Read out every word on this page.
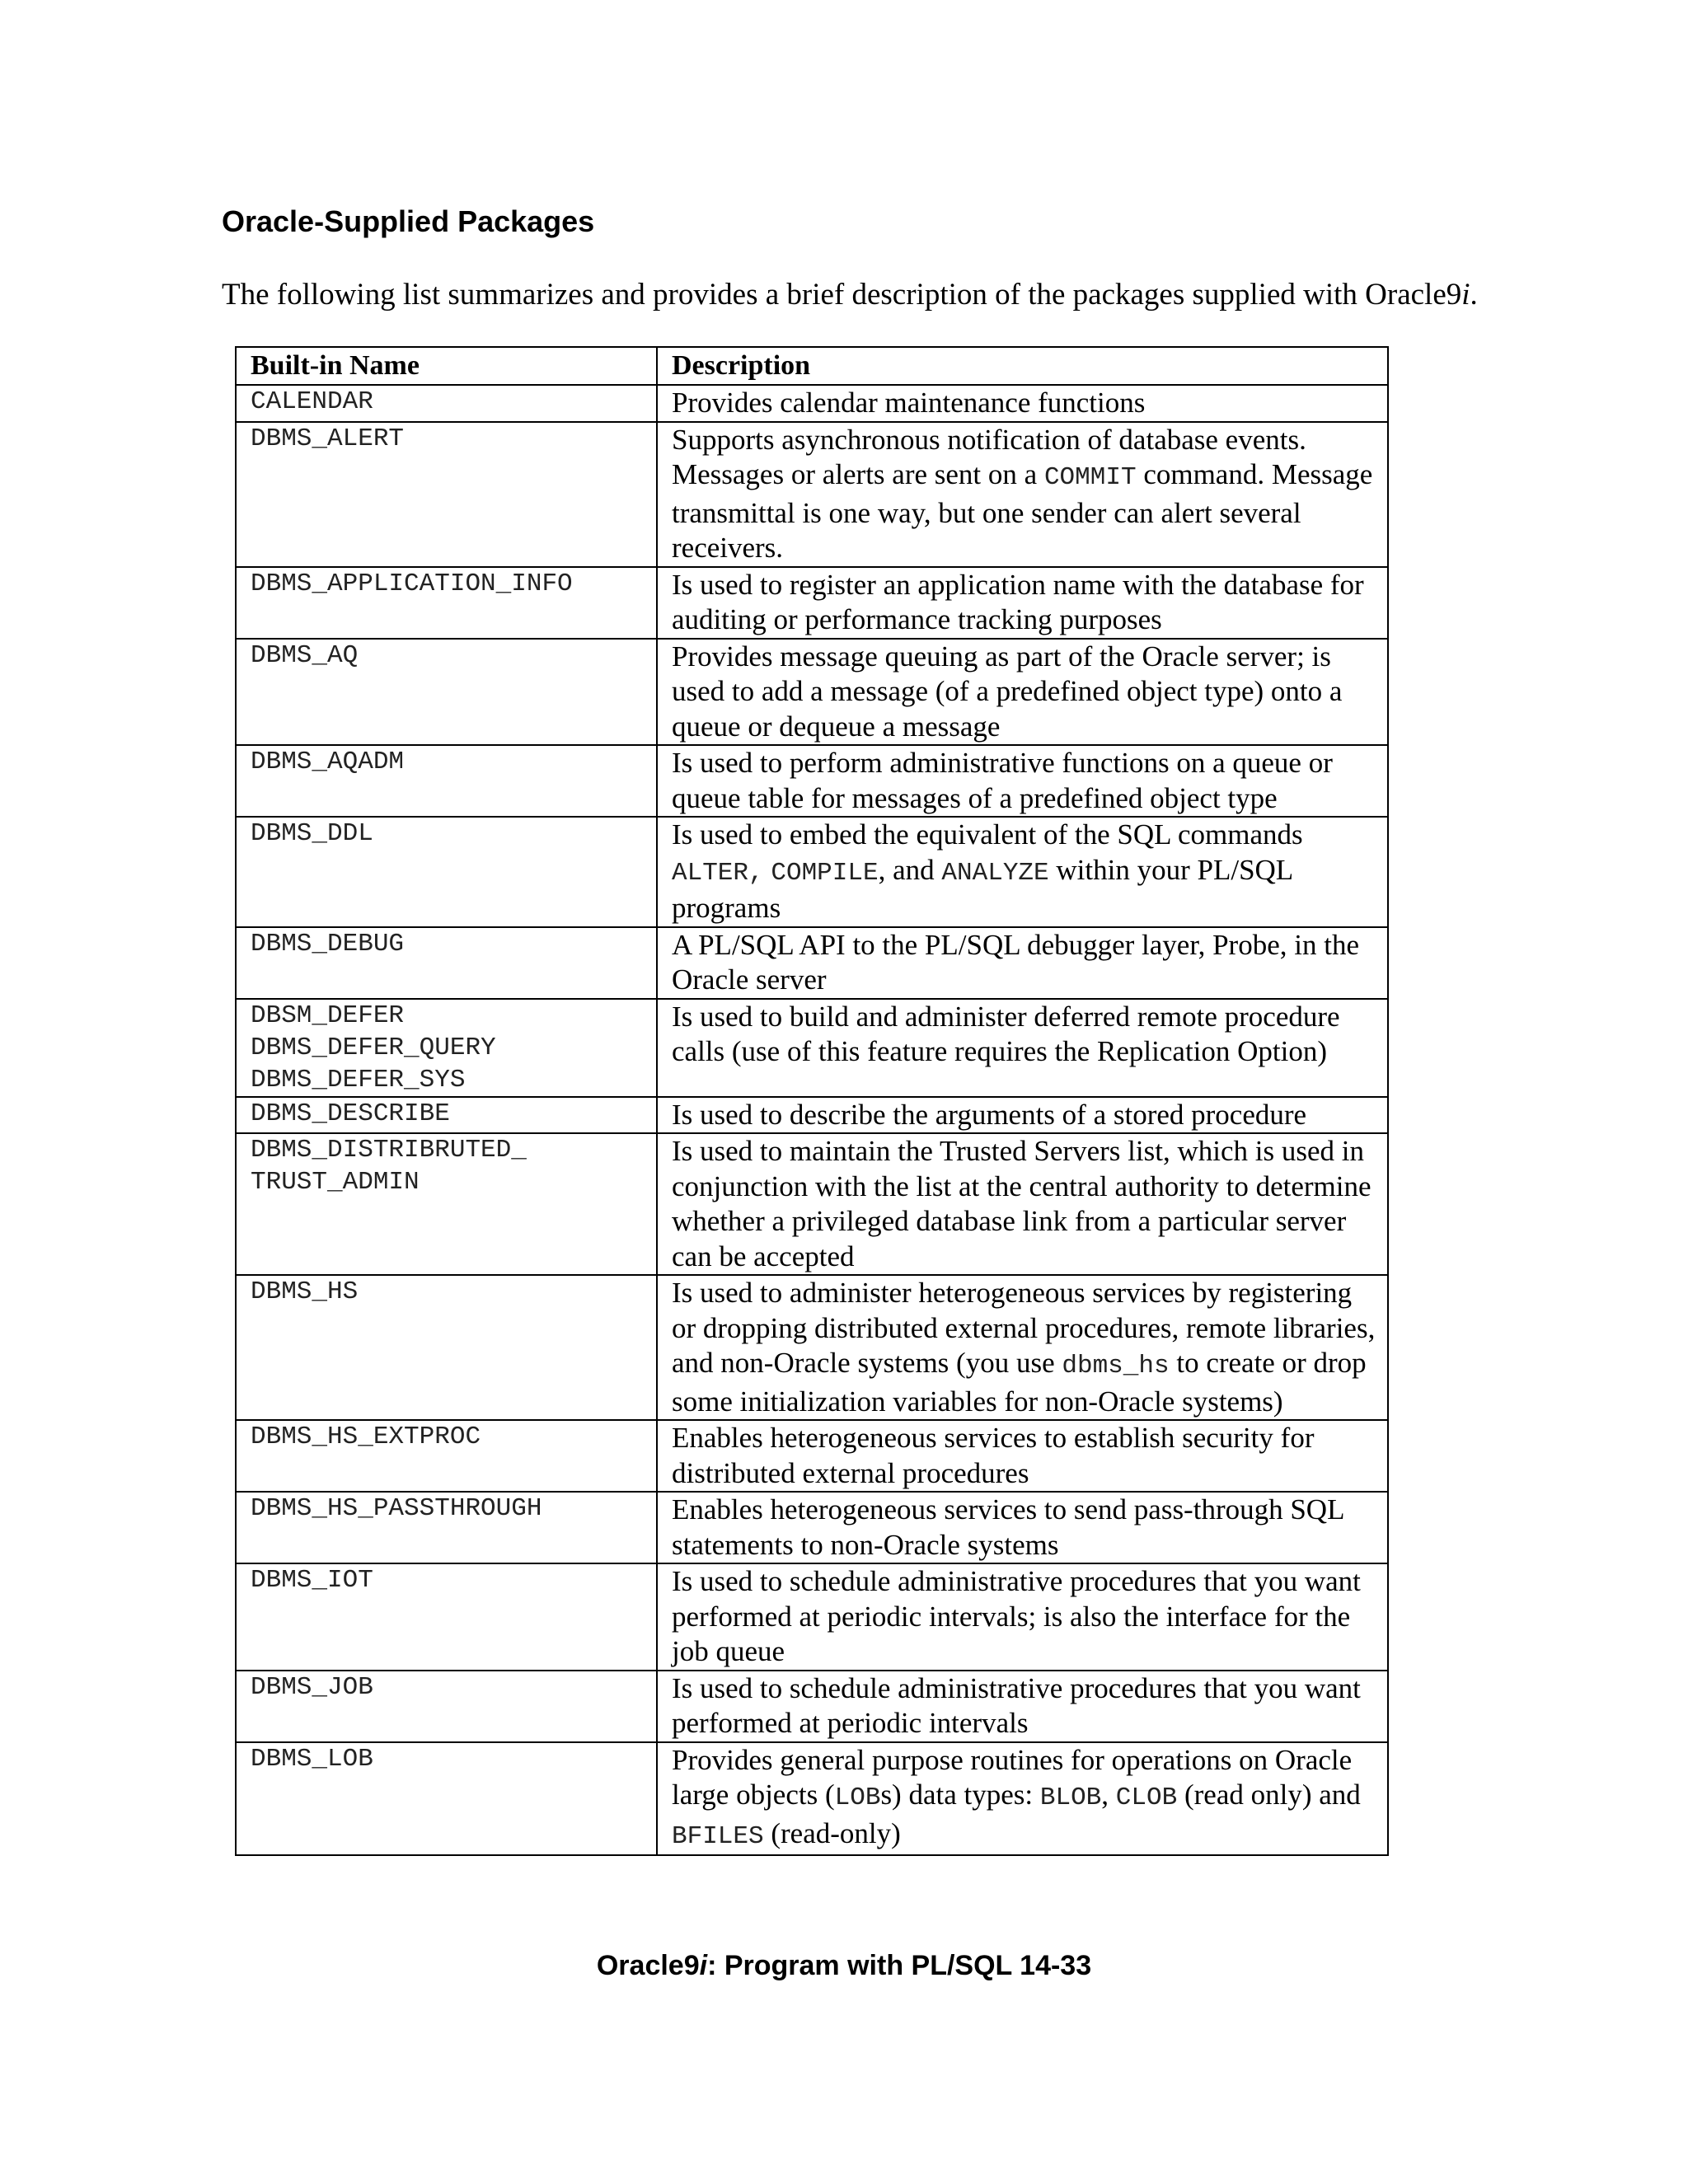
Oracle-Supplied Packages

The following list summarizes and provides a brief description of the packages supplied with Oracle9i.

Built-in Name	Description

CALENDAR	Provides calendar maintenance functions

DBMS_ALERT	Supports asynchronous notification of database events. Messages or alerts are sent on a COMMIT command. Message transmittal is one way, but one sender can alert several receivers.

DBMS_APPLICATION_INFO	Is used to register an application name with the database for auditing or performance tracking purposes

DBMS_AQ	Provides message queuing as part of the Oracle server; is used to add a message (of a predefined object type) onto a queue or dequeue a message

DBMS_AQADM	Is used to perform administrative functions on a queue or queue table for messages of a predefined object type

DBMS_DDL	Is used to embed the equivalent of the SQL commands ALTER, COMPILE, and ANALYZE within your PL/SQL programs

DBMS_DEBUG	A PL/SQL API to the PL/SQL debugger layer, Probe, in the Oracle server

DBSM_DEFER
DBMS_DEFER_QUERY
DBMS_DEFER_SYS	Is used to build and administer deferred remote procedure calls (use of this feature requires the Replication Option)

DBMS_DESCRIBE	Is used to describe the arguments of a stored procedure

DBMS_DISTRIBRUTED_
TRUST_ADMIN	Is used to maintain the Trusted Servers list, which is used in conjunction with the list at the central authority to determine whether a privileged database link from a particular server can be accepted

DBMS_HS	Is used to administer heterogeneous services by registering or dropping distributed external procedures, remote libraries, and non-Oracle systems (you use dbms_hs to create or drop some initialization variables for non-Oracle systems)

DBMS_HS_EXTPROC	Enables heterogeneous services to establish security for distributed external procedures

DBMS_HS_PASSTHROUGH	Enables heterogeneous services to send pass-through SQL statements to non-Oracle systems

DBMS_IOT	Is used to schedule administrative procedures that you want performed at periodic intervals; is also the interface for the job queue

DBMS_JOB	Is used to schedule administrative procedures that you want performed at periodic intervals

DBMS_LOB	Provides general purpose routines for operations on Oracle large objects (LOBs) data types: BLOB, CLOB (read only) and BFILES (read-only)

Oracle9i: Program with PL/SQL 14-33
